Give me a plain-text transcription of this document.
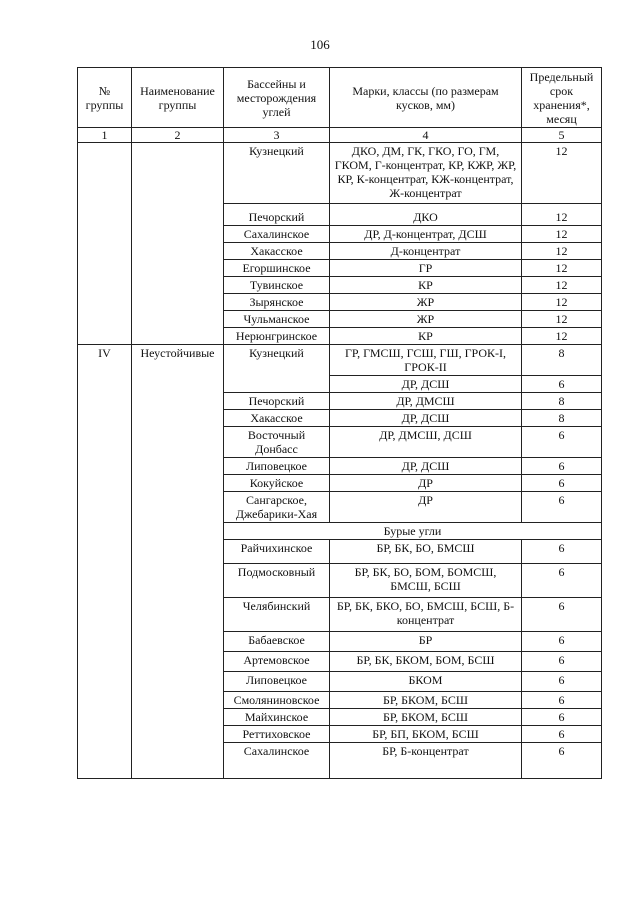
106
№ группы	Наименование группы	Бассейны и месторождения углей	Марки, классы (по размерам кусков, мм)	Предельный срок хранения*, месяц
1	2	3	4	5
		Кузнецкий	ДКО, ДМ, ГК, ГКО, ГО, ГМ, ГКОМ, Г-концентрат, КР, КЖР, ЖР, КР, К-концентрат, КЖ-концентрат, Ж-концентрат	12
		Печорский	ДКО	12
		Сахалинское	ДР, Д-концентрат, ДСШ	12
		Хакасское	Д-концентрат	12
		Егоршинское	ГР	12
		Тувинское	КР	12
		Зырянское	ЖР	12
		Чульманское	ЖР	12
		Нерюнгринское	КР	12
IV	Неустойчивые	Кузнецкий	ГР, ГМСШ, ГСШ, ГШ, ГРОК-I, ГРОК-II	8
			ДР, ДСШ	6
		Печорский	ДР, ДМСШ	8
		Хакасское	ДР, ДСШ	8
		Восточный Донбасс	ДР, ДМСШ, ДСШ	6
		Липовецкое	ДР, ДСШ	6
		Кокуйское	ДР	6
		Сангарское, Джебарики-Хая	ДР	6
		Бурые угли		
		Райчихинское	БР, БК, БО, БМСШ	6
		Подмосковный	БР, БК, БО, БОМ, БОМСШ, БМСШ, БСШ	6
		Челябинский	БР, БК, БКО, БО, БМСШ, БСШ, Б-концентрат	6
		Бабаевское	БР	6
		Артемовское	БР, БК, БКОМ, БОМ, БСШ	6
		Липовецкое	БКОМ	6
		Смоляниновское	БР, БКОМ, БСШ	6
		Майхинское	БР, БКОМ, БСШ	6
		Реттиховское	БР, БП, БКОМ, БСШ	6
		Сахалинское	БР, Б-концентрат	6
